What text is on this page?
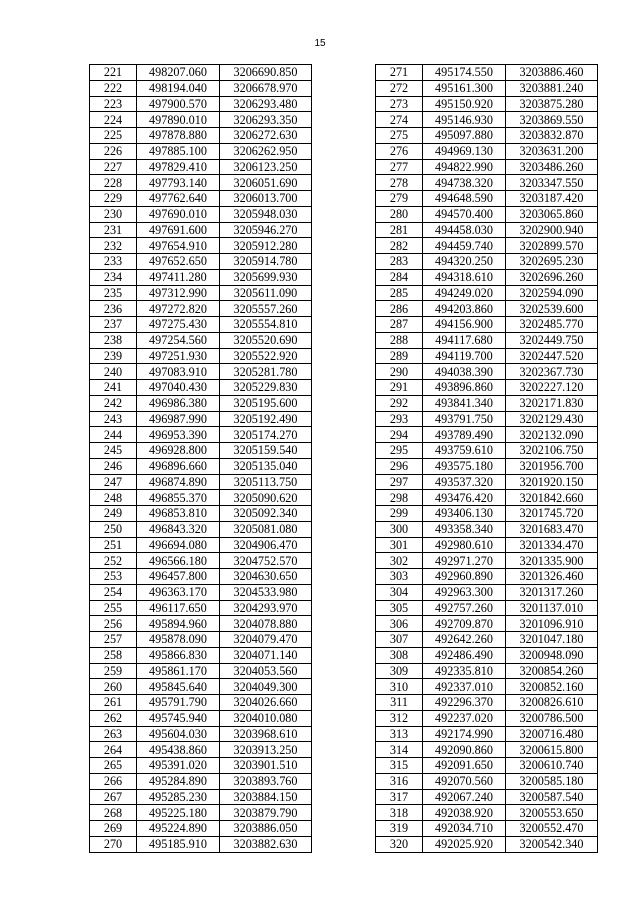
15
221	498207.060	3206690.850
222	498194.040	3206678.970
223	497900.570	3206293.480
224	497890.010	3206293.350
225	497878.880	3206272.630
226	497885.100	3206262.950
227	497829.410	3206123.250
228	497793.140	3206051.690
229	497762.640	3206013.700
230	497690.010	3205948.030
231	497691.600	3205946.270
232	497654.910	3205912.280
233	497652.650	3205914.780
234	497411.280	3205699.930
235	497312.990	3205611.090
236	497272.820	3205557.260
237	497275.430	3205554.810
238	497254.560	3205520.690
239	497251.930	3205522.920
240	497083.910	3205281.780
241	497040.430	3205229.830
242	496986.380	3205195.600
243	496987.990	3205192.490
244	496953.390	3205174.270
245	496928.800	3205159.540
246	496896.660	3205135.040
247	496874.890	3205113.750
248	496855.370	3205090.620
249	496853.810	3205092.340
250	496843.320	3205081.080
251	496694.080	3204906.470
252	496566.180	3204752.570
253	496457.800	3204630.650
254	496363.170	3204533.980
255	496117.650	3204293.970
256	495894.960	3204078.880
257	495878.090	3204079.470
258	495866.830	3204071.140
259	495861.170	3204053.560
260	495845.640	3204049.300
261	495791.790	3204026.660
262	495745.940	3204010.080
263	495604.030	3203968.610
264	495438.860	3203913.250
265	495391.020	3203901.510
266	495284.890	3203893.760
267	495285.230	3203884.150
268	495225.180	3203879.790
269	495224.890	3203886.050
270	495185.910	3203882.630
271	495174.550	3203886.460
272	495161.300	3203881.240
273	495150.920	3203875.280
274	495146.930	3203869.550
275	495097.880	3203832.870
276	494969.130	3203631.200
277	494822.990	3203486.260
278	494738.320	3203347.550
279	494648.590	3203187.420
280	494570.400	3203065.860
281	494458.030	3202900.940
282	494459.740	3202899.570
283	494320.250	3202695.230
284	494318.610	3202696.260
285	494249.020	3202594.090
286	494203.860	3202539.600
287	494156.900	3202485.770
288	494117.680	3202449.750
289	494119.700	3202447.520
290	494038.390	3202367.730
291	493896.860	3202227.120
292	493841.340	3202171.830
293	493791.750	3202129.430
294	493789.490	3202132.090
295	493759.610	3202106.750
296	493575.180	3201956.700
297	493537.320	3201920.150
298	493476.420	3201842.660
299	493406.130	3201745.720
300	493358.340	3201683.470
301	492980.610	3201334.470
302	492971.270	3201335.900
303	492960.890	3201326.460
304	492963.300	3201317.260
305	492757.260	3201137.010
306	492709.870	3201096.910
307	492642.260	3201047.180
308	492486.490	3200948.090
309	492335.810	3200854.260
310	492337.010	3200852.160
311	492296.370	3200826.610
312	492237.020	3200786.500
313	492174.990	3200716.480
314	492090.860	3200615.800
315	492091.650	3200610.740
316	492070.560	3200585.180
317	492067.240	3200587.540
318	492038.920	3200553.650
319	492034.710	3200552.470
320	492025.920	3200542.340
